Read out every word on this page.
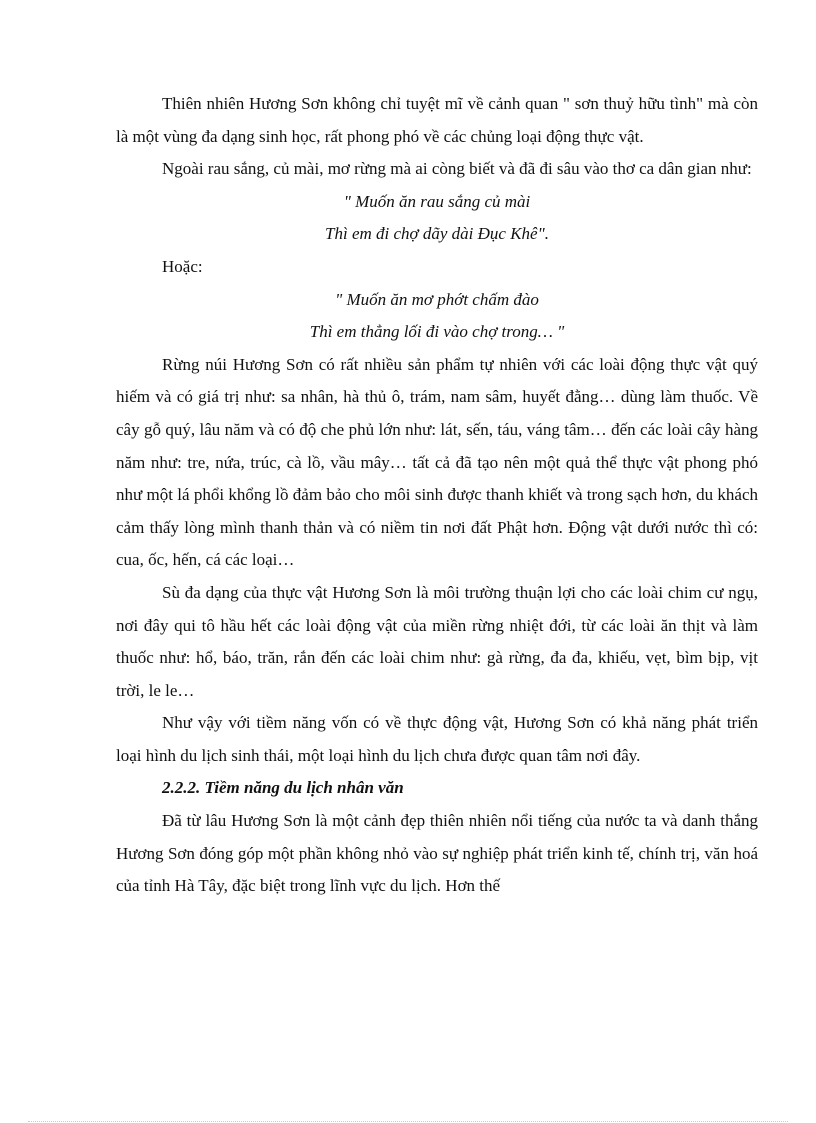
Thiên nhiên Hương Sơn không chỉ tuyệt mĩ về cảnh quan " sơn thuỷ hữu tình" mà còn là một vùng đa dạng sinh học, rất phong phó về các chủng loại động thực vật.

Ngoài rau sắng, củ mài, mơ rừng mà ai còng biết và đã đi sâu vào thơ ca dân gian như:

" Muốn ăn rau sắng củ mài
Thì em đi chợ dãy dài Đục Khê".

Hoặc:

" Muốn ăn mơ phớt chấm đào
Thì em thẳng lối đi vào chợ trong… "

Rừng núi Hương Sơn có rất nhiều sản phẩm tự nhiên với các loài động thực vật quý hiếm và có giá trị như: sa nhân, hà thủ ô, trám, nam sâm, huyết đằng… dùng làm thuốc. Về cây gỗ quý, lâu năm và có độ che phủ lớn như: lát, sến, táu, váng tâm… đến các loài cây hàng năm như: tre, nứa, trúc, cà lồ, vầu mây… tất cả đã tạo nên một quả thể thực vật phong phó như một lá phổi khổng lồ đảm bảo cho môi sinh được thanh khiết và trong sạch hơn, du khách cảm thấy lòng mình thanh thản và có niềm tin nơi đất Phật hơn. Động vật dưới nước thì có: cua, ốc, hến, cá các loại…

Sù đa dạng của thực vật Hương Sơn là môi trường thuận lợi cho các loài chim cư ngụ, nơi đây qui tô hầu hết các loài động vật của miền rừng nhiệt đới, từ các loài ăn thịt và làm thuốc như: hổ, báo, trăn, rắn đến các loài chim như: gà rừng, đa đa, khiếu, vẹt, bìm bịp, vịt trời, le le…

Như vậy với tiềm năng vốn có về thực động vật, Hương Sơn có khả năng phát triển loại hình du lịch sinh thái, một loại hình du lịch chưa được quan tâm nơi đây.

2.2.2. Tiềm năng du lịch nhân văn

Đã từ lâu Hương Sơn là một cảnh đẹp thiên nhiên nổi tiếng của nước ta và danh thắng Hương Sơn đóng góp một phần không nhỏ vào sự nghiệp phát triển kinh tế, chính trị, văn hoá của tỉnh Hà Tây, đặc biệt trong lĩnh vực du lịch. Hơn thế
